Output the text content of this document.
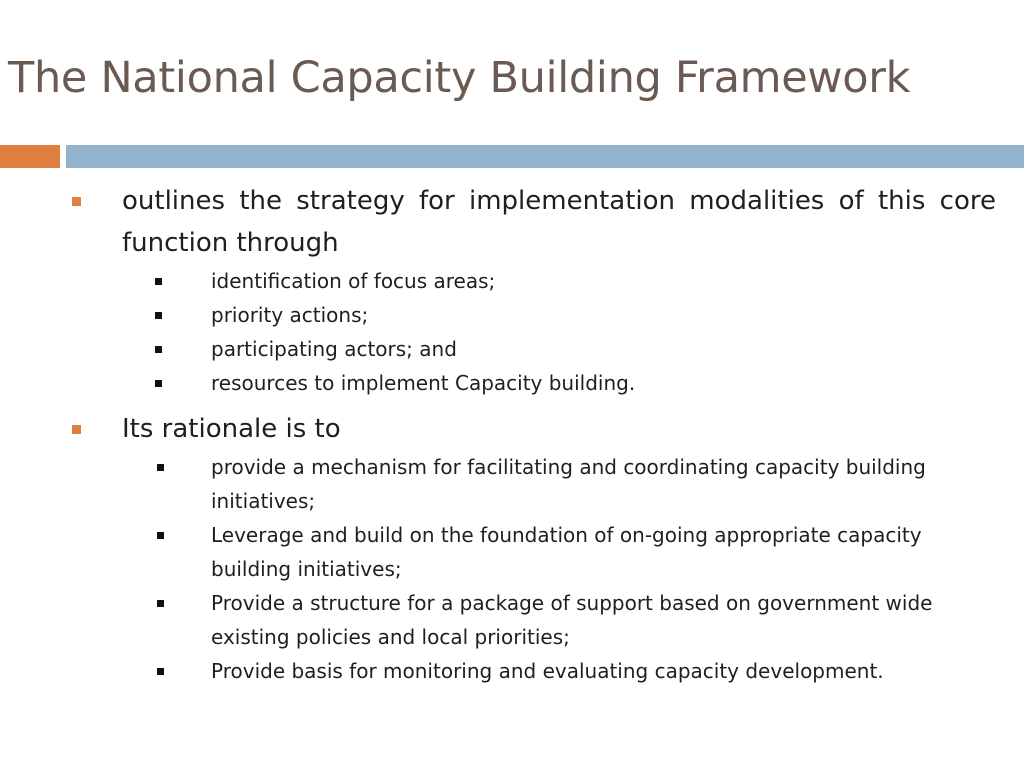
The National Capacity Building Framework
outlines the strategy for implementation modalities of this core function through
identification of focus areas;
priority actions;
participating actors; and
resources to implement Capacity building.
Its rationale is to
provide a mechanism for facilitating and coordinating capacity building initiatives;
Leverage and build on the foundation of on-going appropriate capacity building initiatives;
Provide a structure for a package of support based on government wide existing policies and local priorities;
Provide basis for monitoring and evaluating capacity development.
